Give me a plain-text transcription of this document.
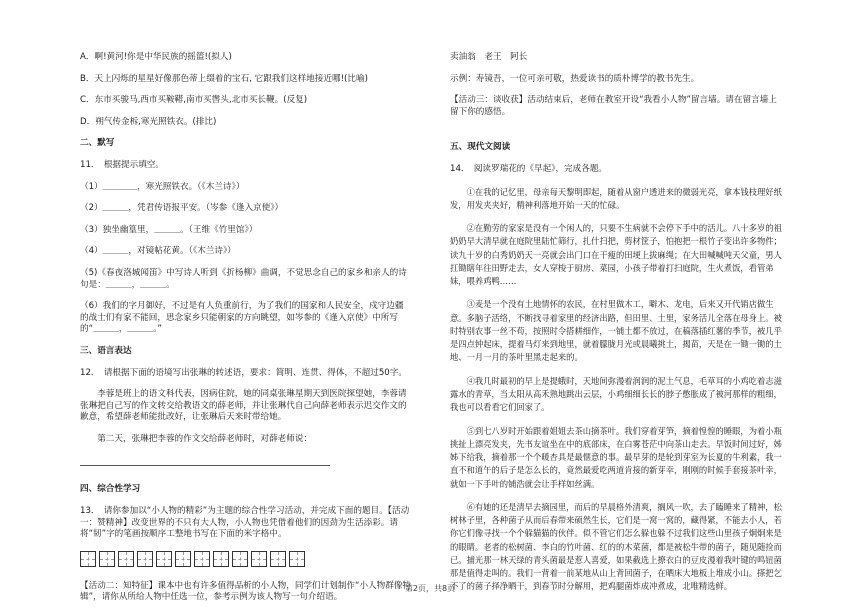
A．啊!黄河!你是中华民族的摇篮!(拟人)

B．天上闪烁的星星好像那色蒂上缀着的宝石, 它跟我们这样地接近哪!(比喻)

C．东市买骏马,西市买鞍鞯,南市买辔头,北市买长鞭。(反复)

D．朔气传金柝,寒光照铁衣。(排比)

二、默写

11．　根据提示填空。

（1）＿＿＿＿，寒光照铁衣。（《木兰诗》）

（2）＿＿＿，凭君传语报平安。（岑参《逢入京使》）

（3）独坐幽篁里，＿＿＿。（王维《竹里馆》）

（4）＿＿＿，对镜帖花黄。（《木兰诗》）

（5)《春夜洛城闻笛》中写诗人听到《折杨柳》曲调，不觉思念自己的家乡和亲人的诗句是：＿＿＿，＿＿＿。

（6）我们的字月御好，不过是有人负重前行，为了我们的国家和人民安全，戍守边疆的战士们有家不能回，思念家乡只能朝家的方向眺望，如岑参的《逢入京使》中所写的“＿＿＿，＿＿＿。”

三、语言表达

12．　请根据下面的语境写出张琳的转述语，要求：简明、连贯、得体，不超过50字。

李蓉是班上的语文科代表，因病住院，她的同桌张琳星期天到医院探望她，李蓉请张琳把自己写的作文转交给教语文的薛老师，并让张琳代自己向薛老师表示迟交作文的歉意，希望薛老师能批改好，让张琳后天来时带给她。

第二天，张琳把李蓉的作文交给薛老师时，对薛老师说：

四、综合性学习

13．　请你参加以“小人物的精彩”为主题的综合性学习活动，并完成下面的题目。【活动一：赞精神】改变世界的不只有大人物，小人物也凭借着他们的因劲为生活添彩。请将“韧”字的笔画按顺序工整地书写在下面的米字格中。

【活动二：知特征】课本中也有许多值得品析的小人物，同学们计划制作“小人物群像特辑”，请你从所给人物中任选一位，参考示例为该人物写一句介绍语。

卖油翁　老王　阿长

示例：寿镜吾，一位可亲可敬，热爱读书的质朴博学的教书先生。

【活动三：谈收获】活动结束后，老师在教室开设“我看小人物”留言墙。请在留言墙上留下你的感悟。

五、现代文阅读

14．　阅读罗瑞花的《早起》，完成各题。

①在我的记忆里，母亲每天黎明即起，随着从窗户透进来的微弱光亮，拿本钱枝理好纸发，用发夹夹好，精神利落地开始一天的忙碌。

②在勤劳的家家是没有一个闲人的，只要不生病就不会停下手中的活儿。八十多岁的祖奶奶早大清早就在庭院里陆忙筛行，扎什扫把，剪材筐子，怕抱把一根竹子变出许多物件；读九十岁的白秀奶奶天一亮就会出门口在干瘦的田埂上拔麻绳；在大田喊喊吨天父童，男人扛锄瞎年往田野走去，女人穿梭于厨房、菜园，小孩子带着打扫庭院，生火煮饭，看管弟妹，喂养鸡鸭……

③麦是一个没有土地情怀的农民，在村里做木工，噼木、龙电，后来又开代销店做生意。多脑子活络，不断找寻着家里的经济出路，但田里、土里，家务活儿全落在母身上。被时特别农事一丝不苟，按照时令搭耕细作，一铺土都不放过，在稿落插红薯的季节，被几乎是四点钟起床，提着马灯来到地里，就着朦胧月光或晨曦挑土，揭苗，天是在一锄一锄的土地、一月一月的茶叶里黑走起来的。

④我几时最初的早上是提蛾时，天地间弥漫着润润的泥土气息，毛草耳的小鸡吃着志滋露水的青草，当太阳从高禾熟地跳出云层，小鸡细细长长的脖子憋胀成了被河那样的粗细，我也可以看看它们回家了。

⑤到七八岁时开始跟着姐姐去茶山摘茶叶。我们穿着芽笋，摘着惶惶的睡眼，为着小瓶挑扯上漂亮发夹，先书友谊坐在中的底部床，在白雾苍茫中向茶山走去。早饭时间过好，姊姊下给我，摘着那一个个暖杏具是最惬意的事。最早芽的是轮到芽室为长夏的牛利素，我一直不和道午的后子是怎么长的，竟然最爱吃两道肯接的新芽幸，刚刚的时候手套接茶叶幸，就如一下手叶的铺浩就会让手样如丝满。

⑥有她的还是清早去摘园里，而后的早晨格外清爽，搁风一吹，去了瞌睡来了精神，松树林子里，各种菌子从而后春带来硕然生长，它们是一窝一窝的，藏得紧，不能去小人，若你它们像寻找一个个躲猫猫的伙伴。似不管它们怎么躲也躲不过我们这些山里孩子炯炯来是的眼睛。老者的松树菌、李白的竹叶菌、红的的木菜菌，都是被松牛带的菌子，随见随捡而已。捕光那一林天绿的青头菌最是惹人喜爱，如果截选上撩衣白的豆皮漫着我叶键的鸣钮菌那是值得走叫的。我们一背着一前某地从山上背回菌子，在晒床大地板上堆成小山。搽把乞不了的菌子择净晒干，到春节时分解用，把鸡腿菌炸成冲煮成，北唯精选鲜。

第2页，共8页
